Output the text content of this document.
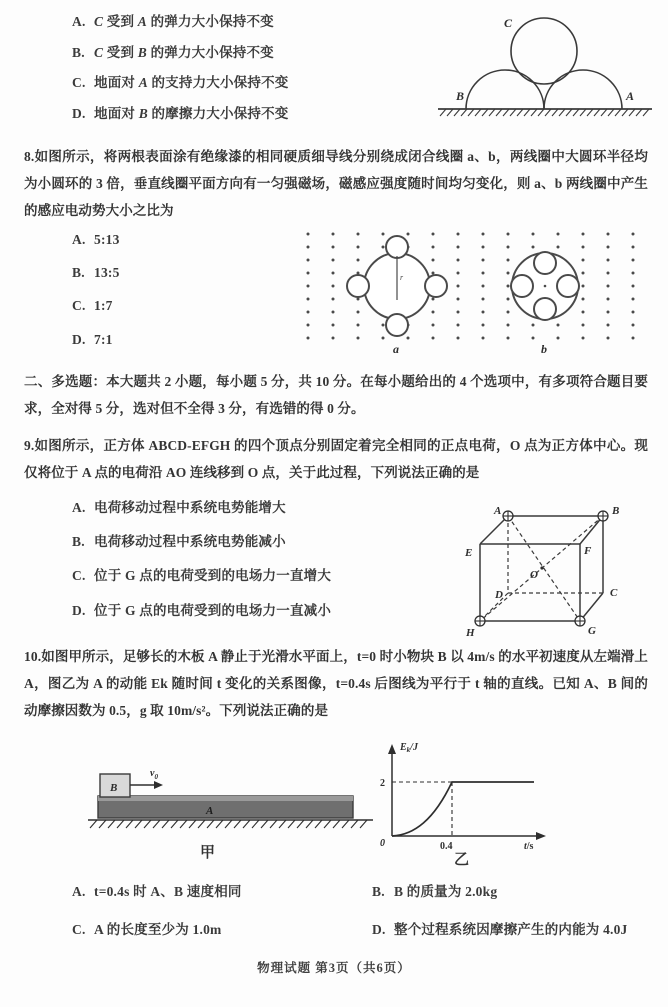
A. C 受到 A 的弹力大小保持不变
B. C 受到 B 的弹力大小保持不变
C. 地面对 A 的支持力大小保持不变
D. 地面对 B 的摩擦力大小保持不变
C
B	A
8.如图所示，将两根表面涂有绝缘漆的相同硬质细导线分别绕成闭合线圈 a、b，两线圈中大圆环半径均为小圆环的 3 倍，垂直线圈平面方向有一匀强磁场，磁感应强度随时间均匀变化，则 a、b 两线圈中产生的感应电动势大小之比为
A. 5:13
B. 13:5
C. 1:7
D. 7:1
r
a	b
二、多选题：本大题共 2 小题，每小题 5 分，共 10 分。在每小题给出的 4 个选项中，有多项符合题目要求，全对得 5 分，选对但不全得 3 分，有选错的得 0 分。
9.如图所示，正方体 ABCD-EFGH 的四个顶点分别固定着完全相同的正点电荷，O 点为正方体中心。现仅将位于 A 点的电荷沿 AO 连线移到 O 点，关于此过程，下列说法正确的是
A. 电荷移动过程中系统电势能增大
B. 电荷移动过程中系统电势能减小
C. 位于 G 点的电荷受到的电场力一直增大
D. 位于 G 点的电荷受到的电场力一直减小
A	B
E	F
O
D	C
H	G
10.如图甲所示，足够长的木板 A 静止于光滑水平面上，t=0 时小物块 B 以 4m/s 的水平初速度从左端滑上 A，图乙为 A 的动能 Ek 随时间 t 变化的关系图像，t=0.4s 后图线为平行于 t 轴的直线。已知 A、B 间的动摩擦因数为 0.5，g 取 10m/s²。下列说法正确的是
B
$v_0$
A
甲
2
0	0.4
$E_k/J$
t/s
乙
A. t=0.4s 时 A、B 速度相同	B. B 的质量为 2.0kg
C. A 的长度至少为 1.0m	D. 整个过程系统因摩擦产生的内能为 4.0J
物理试题 第3页（共6页）
